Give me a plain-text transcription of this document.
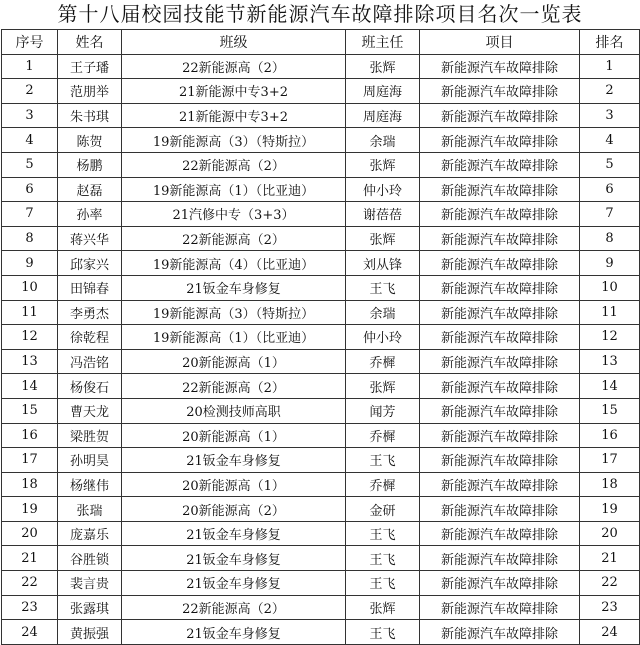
第十八届校园技能节新能源汽车故障排除项目名次一览表
序号	姓名	班级	班主任	项目	排名
1	王子璠	22新能源高（2）	张辉	新能源汽车故障排除	1
2	范朋举	21新能源中专3+2	周庭海	新能源汽车故障排除	2
3	朱书琪	21新能源中专3+2	周庭海	新能源汽车故障排除	3
4	陈贺	19新能源高（3）（特斯拉）	余瑞	新能源汽车故障排除	4
5	杨鹏	22新能源高（2）	张辉	新能源汽车故障排除	5
6	赵磊	19新能源高（1）（比亚迪）	仲小玲	新能源汽车故障排除	6
7	孙率	21汽修中专（3+3）	谢蓓蓓	新能源汽车故障排除	7
8	蒋兴华	22新能源高（2）	张辉	新能源汽车故障排除	8
9	邱家兴	19新能源高（4）（比亚迪）	刘从锋	新能源汽车故障排除	9
10	田锦春	21钣金车身修复	王飞	新能源汽车故障排除	10
11	李勇杰	19新能源高（3）（特斯拉）	余瑞	新能源汽车故障排除	11
12	徐乾程	19新能源高（1）（比亚迪）	仲小玲	新能源汽车故障排除	12
13	冯浩铭	20新能源高（1）	乔樨	新能源汽车故障排除	13
14	杨俊石	22新能源高（2）	张辉	新能源汽车故障排除	14
15	曹天龙	20检测技师高职	闻芳	新能源汽车故障排除	15
16	梁胜贺	20新能源高（1）	乔樨	新能源汽车故障排除	16
17	孙明昊	21钣金车身修复	王飞	新能源汽车故障排除	17
18	杨继伟	20新能源高（1）	乔樨	新能源汽车故障排除	18
19	张瑞	20新能源高（2）	金研	新能源汽车故障排除	19
20	庞嘉乐	21钣金车身修复	王飞	新能源汽车故障排除	20
21	谷胜锁	21钣金车身修复	王飞	新能源汽车故障排除	21
22	裴言贵	21钣金车身修复	王飞	新能源汽车故障排除	22
23	张露琪	22新能源高（2）	张辉	新能源汽车故障排除	23
24	黄振强	21钣金车身修复	王飞	新能源汽车故障排除	24
